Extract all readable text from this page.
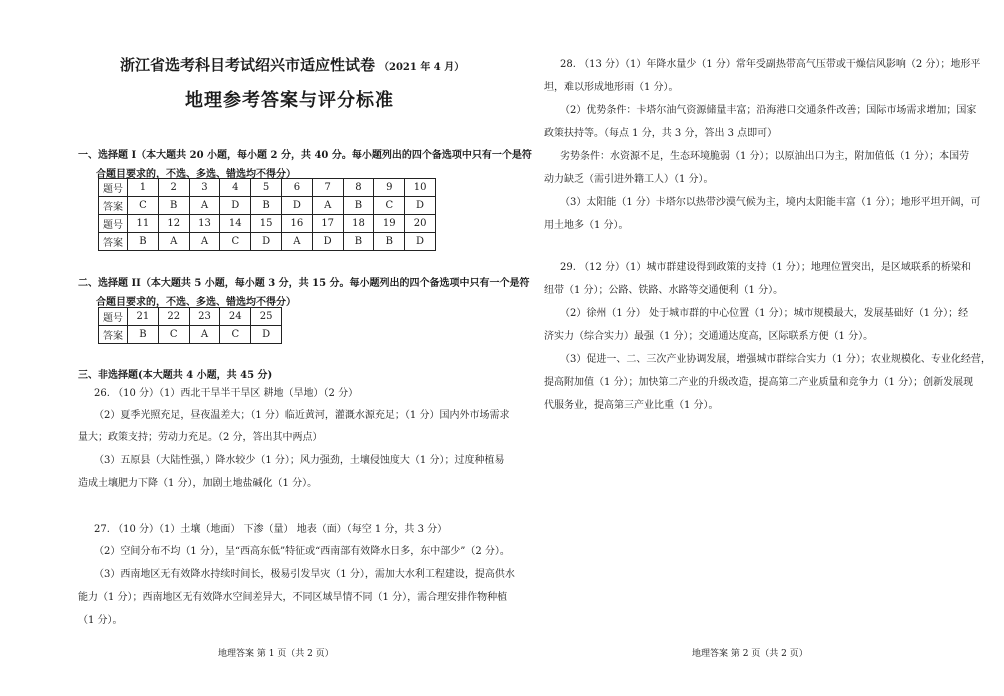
浙江省选考科目考试绍兴市适应性试卷 （2021 年 4 月）
地理参考答案与评分标准
一、选择题 I（本大题共 20 小题，每小题 2 分，共 40 分。每小题列出的四个备选项中只有一个是符
合题目要求的，不选、多选、错选均不得分）
题号	1	2	3	4	5	6	7	8	9	10
答案	C	B	A	D	B	D	A	B	C	D
题号	11	12	13	14	15	16	17	18	19	20
答案	B	A	A	C	D	A	D	B	B	D
二、选择题 II（本大题共 5 小题，每小题 3 分，共 15 分。每小题列出的四个备选项中只有一个是符
合题目要求的，不选、多选、错选均不得分）
题号	21	22	23	24	25
答案	B	C	A	C	D
三、非选择题(本大题共 4 小题，共 45 分)
26. （10 分）（1）西北干旱半干旱区 耕地（旱地）（2 分）
（2）夏季光照充足，昼夜温差大；（1 分）临近黄河，灌溉水源充足；（1 分）国内外市场需求
量大；政策支持；劳动力充足。（2 分，答出其中两点）
（3）五原县（大陆性强，）降水较少（1 分）；风力强劲，土壤侵蚀度大（1 分）；过度种植易
造成土壤肥力下降（1 分），加剧土地盐碱化（1 分）。
27. （10 分）（1）土壤（地面） 下渗（量） 地表（面）（每空 1 分，共 3 分）
（2）空间分布不均（1 分），呈“西高东低”特征或“西南部有效降水日多，东中部少”（2 分）。
（3）西南地区无有效降水持续时间长，极易引发旱灾（1 分），需加大水利工程建设，提高供水
能力（1 分）；西南地区无有效降水空间差异大，不同区域旱情不同（1 分），需合理安排作物种植
（1 分）。
地理答案 第 1 页（共 2 页）
28. （13 分）（1）年降水量少（1 分）常年受副热带高气压带或干燥信风影响（2 分）；地形平
坦，难以形成地形雨（1 分）。
（2）优势条件：卡塔尔油气资源储量丰富；沿海港口交通条件改善；国际市场需求增加；国家
政策扶持等。（每点 1 分，共 3 分，答出 3 点即可）
劣势条件：水资源不足，生态环境脆弱（1 分）；以原油出口为主，附加值低（1 分）；本国劳
动力缺乏（需引进外籍工人）（1 分）。
（3）太阳能（1 分）卡塔尔以热带沙漠气候为主，境内太阳能丰富（1 分）；地形平坦开阔，可
用土地多（1 分）。
29. （12 分）（1）城市群建设得到政策的支持（1 分）；地理位置突出，是区域联系的桥梁和
纽带（1 分）；公路、铁路、水路等交通便利（1 分）。
（2）徐州（1 分） 处于城市群的中心位置（1 分）；城市规模最大，发展基础好（1 分）；经
济实力（综合实力）最强（1 分）；交通通达度高，区际联系方便（1 分）。
（3）促进一、二、三次产业协调发展，增强城市群综合实力（1 分）；农业规模化、专业化经营，
提高附加值（1 分）；加快第二产业的升级改造，提高第二产业质量和竞争力（1 分）；创新发展现
代服务业，提高第三产业比重（1 分）。
地理答案 第 2 页（共 2 页）
